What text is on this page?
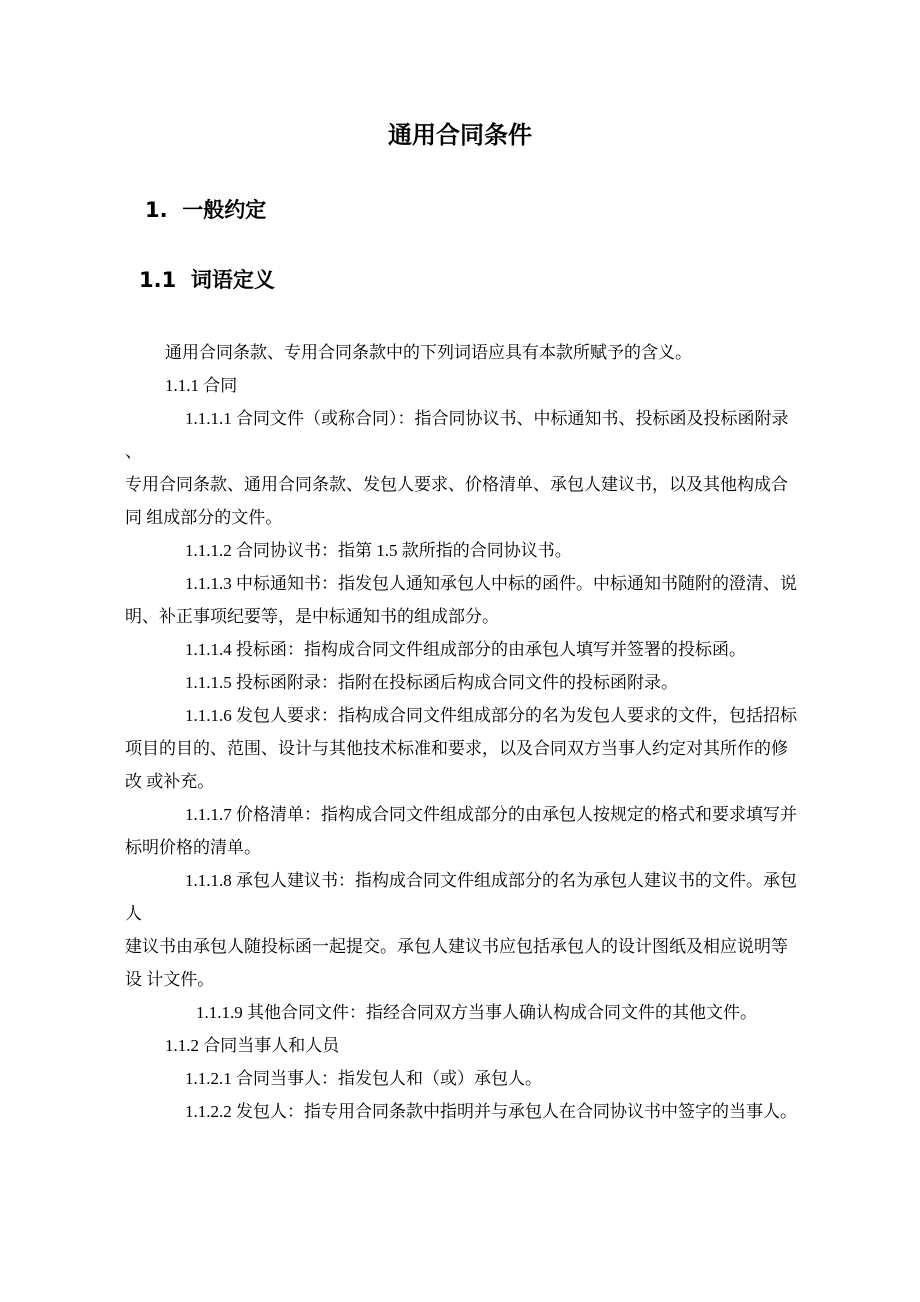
通用合同条件
1.  一般约定
1.1  词语定义
通用合同条款、专用合同条款中的下列词语应具有本款所赋予的含义。
1.1.1 合同
1.1.1.1 合同文件（或称合同）：指合同协议书、中标通知书、投标函及投标函附录
、
专用合同条款、通用合同条款、发包人要求、价格清单、承包人建议书，以及其他构成合
同 组成部分的文件。
1.1.1.2 合同协议书：指第 1.5 款所指的合同协议书。
1.1.1.3 中标通知书：指发包人通知承包人中标的函件。中标通知书随附的澄清、说
明、补正事项纪要等，是中标通知书的组成部分。
1.1.1.4 投标函：指构成合同文件组成部分的由承包人填写并签署的投标函。
1.1.1.5 投标函附录：指附在投标函后构成合同文件的投标函附录。
1.1.1.6 发包人要求：指构成合同文件组成部分的名为发包人要求的文件，包括招标
项目的目的、范围、设计与其他技术标准和要求，以及合同双方当事人约定对其所作的修
改 或补充。
1.1.1.7 价格清单：指构成合同文件组成部分的由承包人按规定的格式和要求填写并
标明价格的清单。
1.1.1.8 承包人建议书：指构成合同文件组成部分的名为承包人建议书的文件。承包
人
建议书由承包人随投标函一起提交。承包人建议书应包括承包人的设计图纸及相应说明等
设 计文件。
1.1.1.9 其他合同文件：指经合同双方当事人确认构成合同文件的其他文件。
1.1.2 合同当事人和人员
1.1.2.1 合同当事人：指发包人和（或）承包人。
1.1.2.2 发包人：指专用合同条款中指明并与承包人在合同协议书中签字的当事人。
